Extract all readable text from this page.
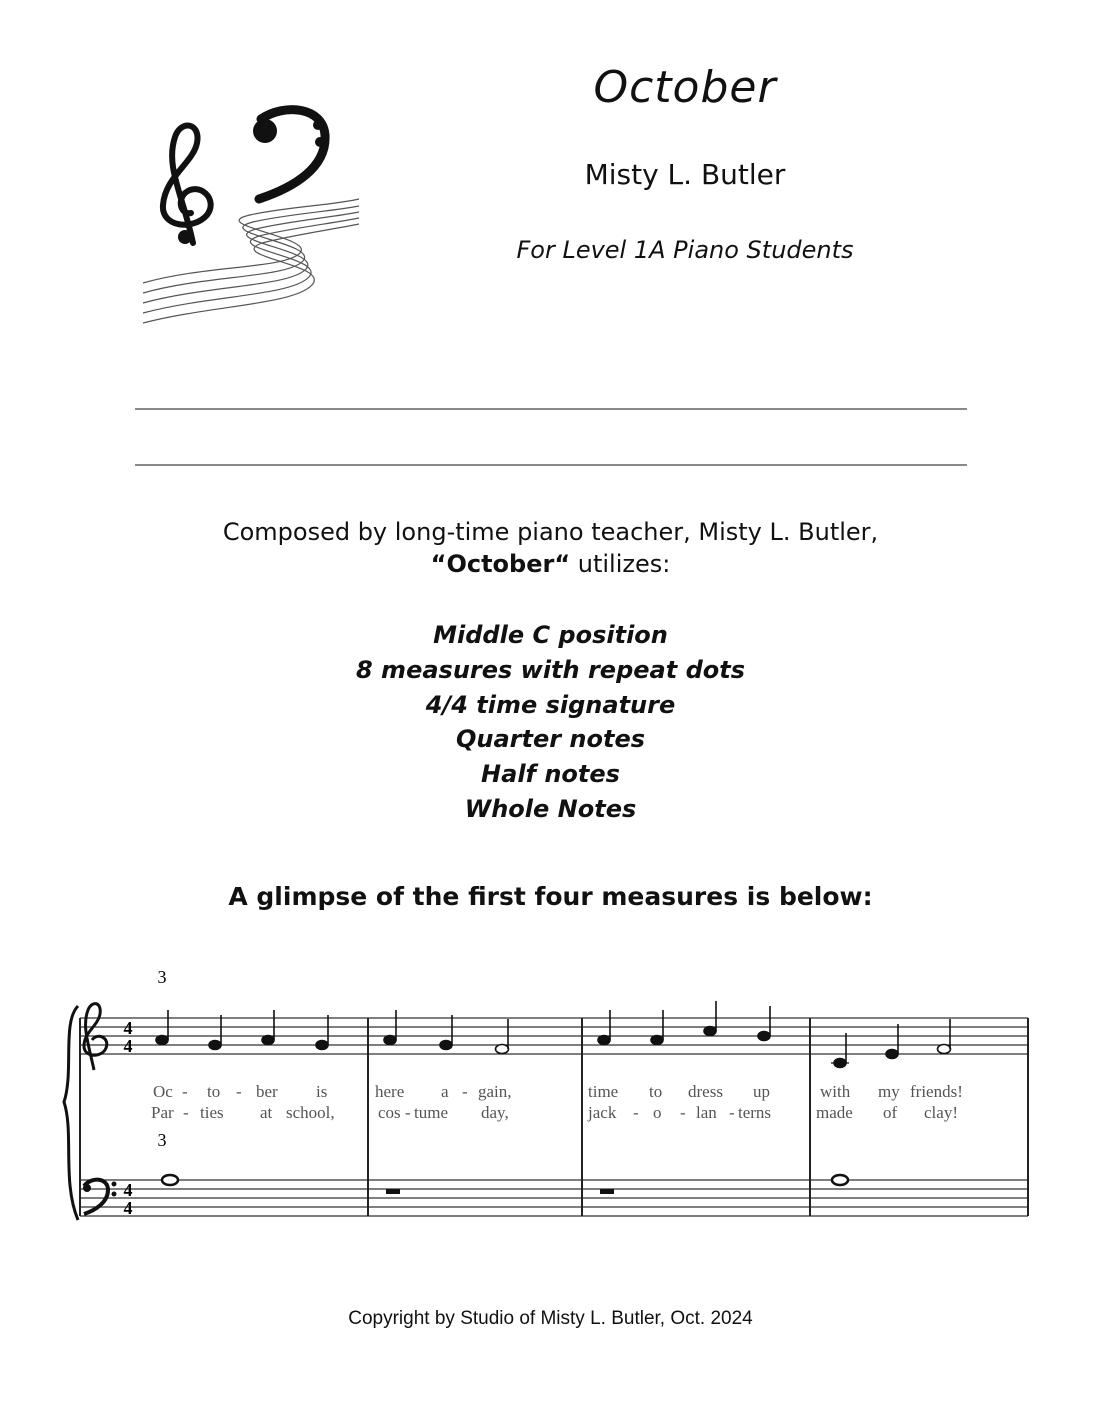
October
Misty L. Butler
For Level 1A Piano Students
Composed by long-time piano teacher, Misty L. Butler,
“October“ utilizes:
Middle C position
8 measures with repeat dots
4/4 time signature
Quarter notes
Half notes
Whole Notes
A glimpse of the first four measures is below:
4
4
4
4
3
3
Oc - to - ber is	here a - gain,	time to dress up	with my friends!
Par - ties at school,	cos - tume day,	jack - o - lan - terns	made of clay!
Copyright by Studio of Misty L. Butler, Oct. 2024
